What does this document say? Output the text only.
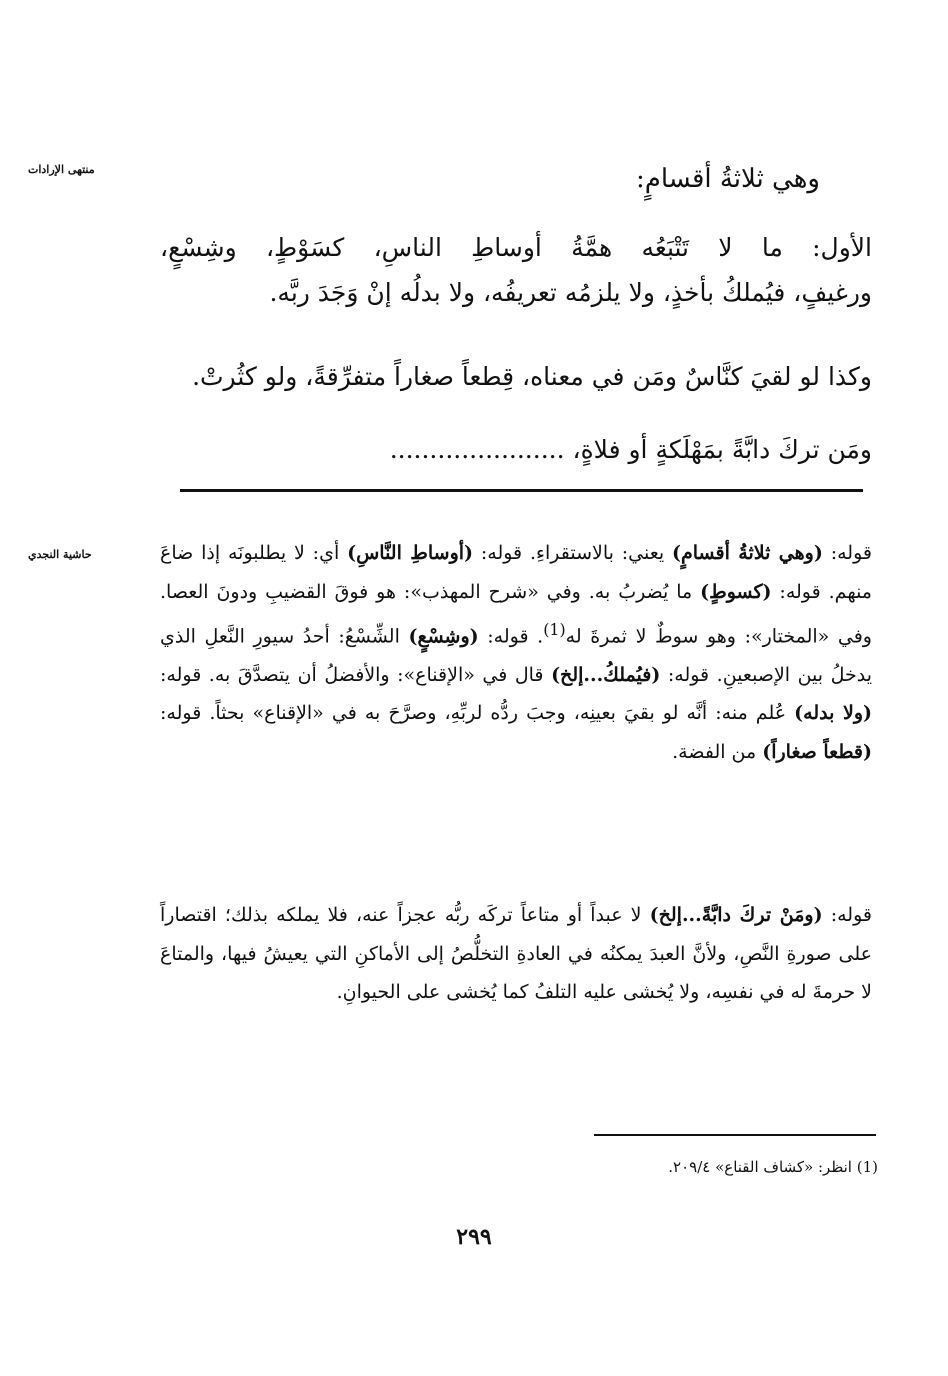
منتهى الإرادات
حاشية النجدي
وهي ثلاثةُ أقسامٍ:

الأول: ما لا تَتْبَعُه همَّةُ أوساطِ الناسِ، كسَوْطٍ، وشِسْعٍ،

ورغيفٍ، فيُملكُ بأخذٍ، ولا يلزمُه تعريفُه، ولا بدلُه إنْ وَجَدَ ربَّه.

وكذا لو لقيَ كنَّاسٌ ومَن في معناه، قِطعاً صغاراً متفرِّقةً، ولو كثُرتْ.

ومَن تركَ دابَّةً بمَهْلَكةٍ أو فلاةٍ، ......................

قوله: (وهي ثلاثةُ أقسامٍ) يعني: بالاستقراءِ. قوله: (أوساطِ النَّاسِ) أي: لا يطلبونَه إذا ضاعَ منهم. قوله: (كسوطٍ) ما يُضربُ به. وفي «شرح المهذب»: هو فوقَ القضيبِ ودونَ العصا. وفي «المختار»: وهو سوطٌ لا ثمرةَ له$^{(1)}$. قوله: (وشِسْعٍ) الشِّسْعُ: أحدُ سيورِ النَّعلِ الذي يدخلُ بين الإصبعينِ. قوله: (فيُملكُ...إلخ) قال في «الإقناع»: والأفضلُ أن يتصدَّقَ به. قوله: (ولا بدله) عُلم منه: أنَّه لو بقيَ بعينِه، وجبَ ردُّه لربِّهِ، وصرَّحَ به في «الإقناع» بحثاً. قوله: (قطعاً صغاراً) من الفضة.
قوله: (ومَنْ تركَ دابَّةً...إلخ) لا عبداً أو متاعاً تركَه ربُّه عجزاً عنه، فلا يملكه بذلك؛ اقتصاراً على صورةِ النَّصِ، ولأنَّ العبدَ يمكنُه في العادةِ التخلُّصُ إلى الأماكنِ التي يعيشُ فيها، والمتاعَ لا حرمةَ له في نفسِه، ولا يُخشى عليه التلفُ كما يُخشى على الحيوانِ.
(1) انظر: «كشاف القناع» ٢٠٩/٤.
٢٩٩
